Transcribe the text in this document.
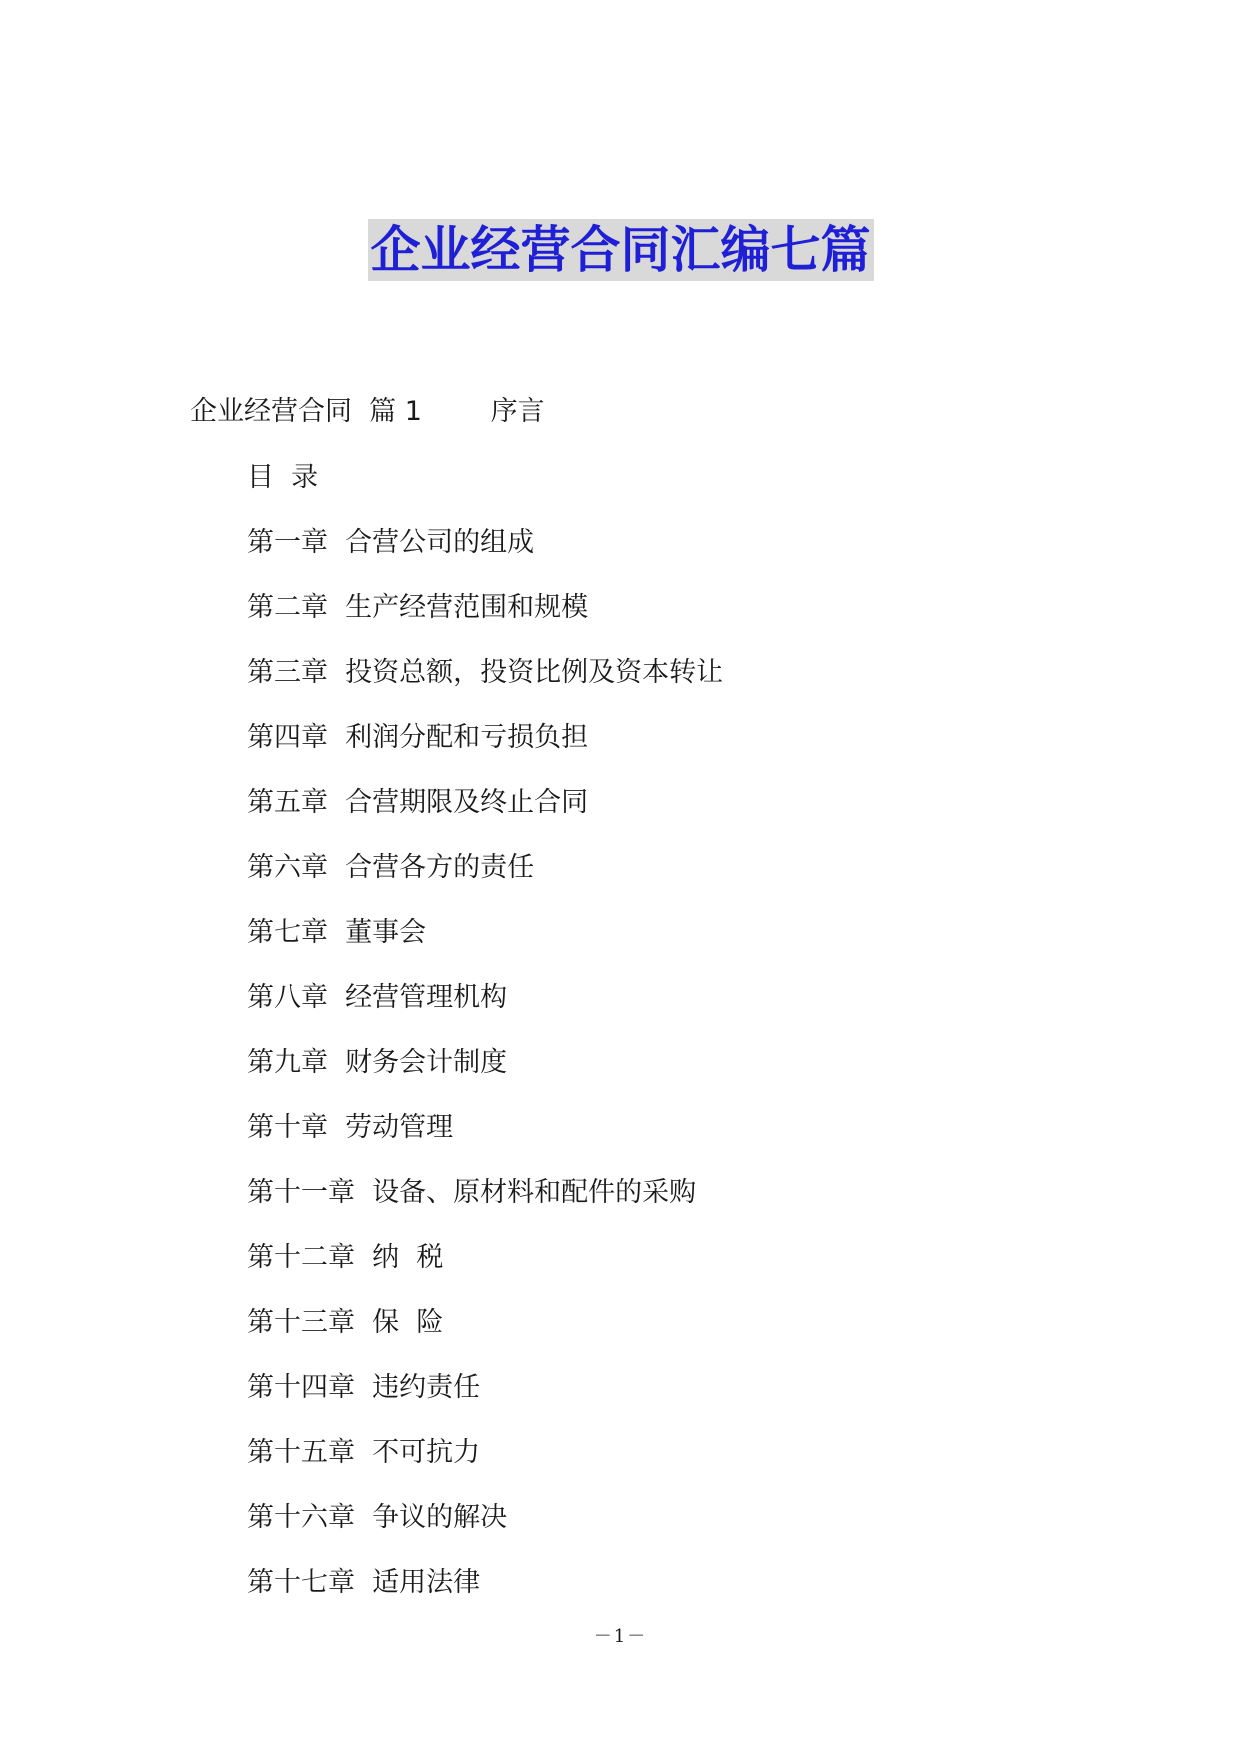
企业经营合同汇编七篇
企业经营合同  篇 1	序言
目  录
第一章  合营公司的组成
第二章  生产经营范围和规模
第三章  投资总额，投资比例及资本转让
第四章  利润分配和亏损负担
第五章  合营期限及终止合同
第六章  合营各方的责任
第七章  董事会
第八章  经营管理机构
第九章  财务会计制度
第十章  劳动管理
第十一章  设备、原材料和配件的采购
第十二章  纳  税
第十三章  保  险
第十四章  违约责任
第十五章  不可抗力
第十六章  争议的解决
第十七章  适用法律
－1－
